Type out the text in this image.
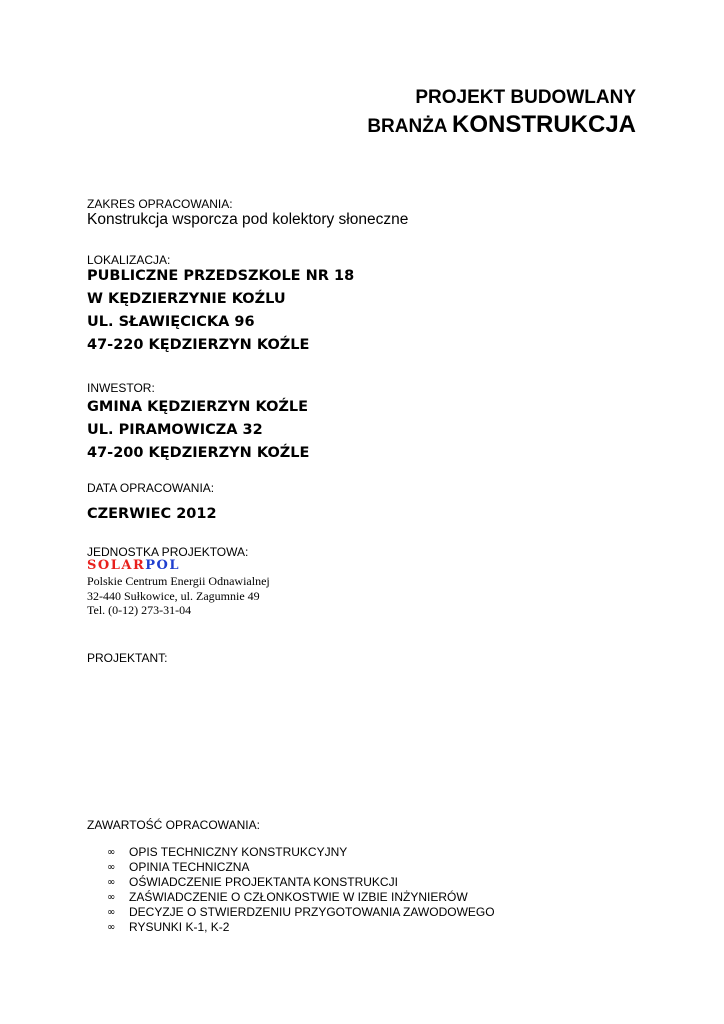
PROJEKT BUDOWLANY
BRANŻA KONSTRUKCJA
ZAKRES OPRACOWANIA:
Konstrukcja wsporcza pod kolektory słoneczne
LOKALIZACJA:
PUBLICZNE PRZEDSZKOLE NR 18
W KĘDZIERZYNIE KOŹLU
UL. SŁAWIĘCICKA 96
47-220 KĘDZIERZYN KOŹLE
INWESTOR:
GMINA KĘDZIERZYN KOŹLE
UL. PIRAMOWICZA 32
47-200 KĘDZIERZYN KOŹLE
DATA OPRACOWANIA:
CZERWIEC 2012
JEDNOSTKA PROJEKTOWA:
SOLARPOL
Polskie Centrum Energii Odnawialnej
32-440 Sułkowice, ul. Zagumnie 49
Tel. (0-12) 273-31-04
PROJEKTANT:
ZAWARTOŚĆ OPRACOWANIA:
∞	OPIS TECHNICZNY KONSTRUKCYJNY
∞	OPINIA TECHNICZNA
∞	OŚWIADCZENIE PROJEKTANTA KONSTRUKCJI
∞	ZAŚWIADCZENIE O CZŁONKOSTWIE W IZBIE INŻYNIERÓW
∞	DECYZJE O STWIERDZENIU PRZYGOTOWANIA ZAWODOWEGO
∞	RYSUNKI K-1, K-2
